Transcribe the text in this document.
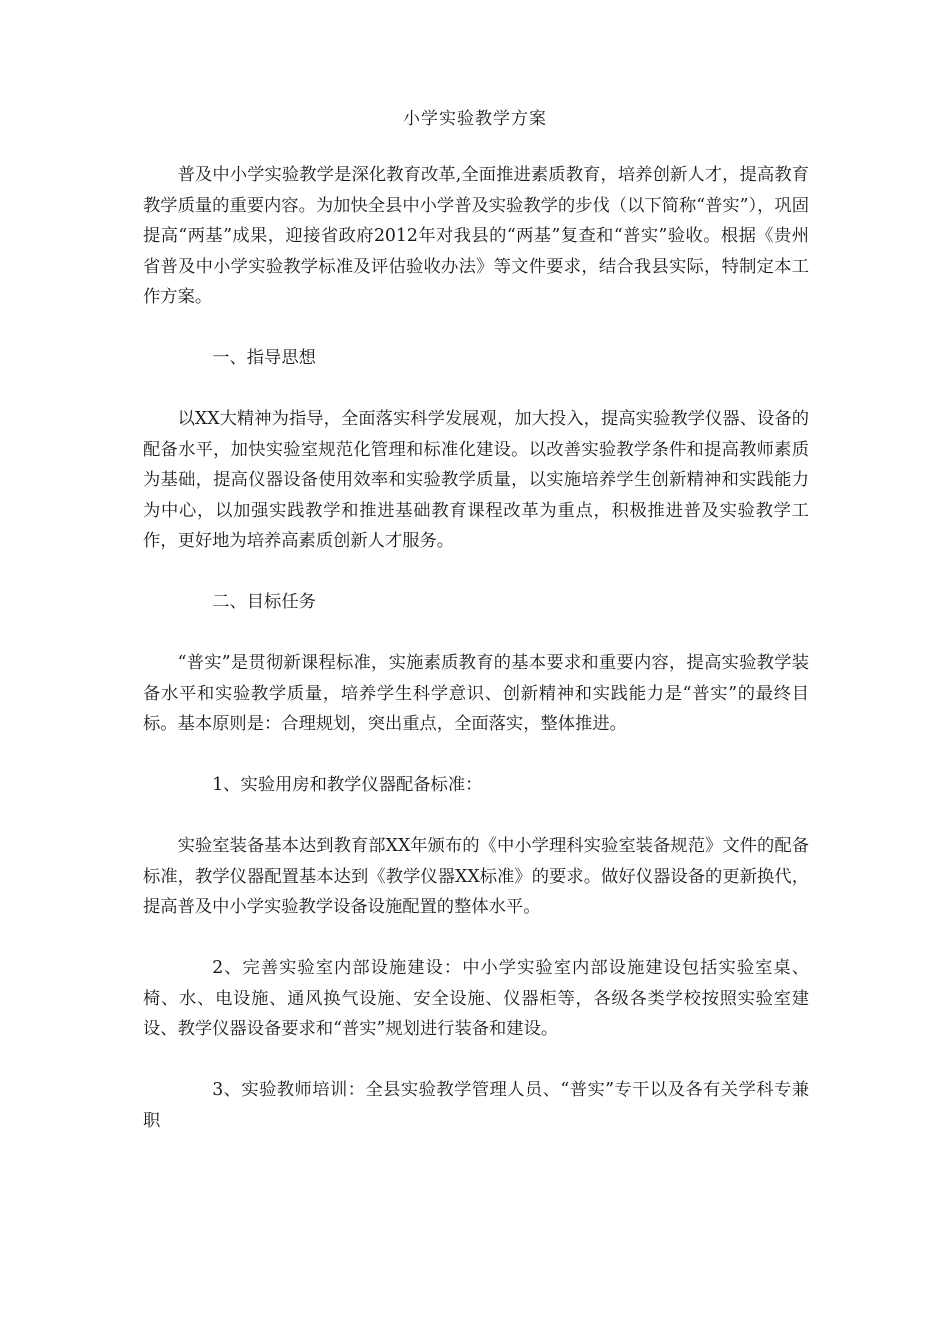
小学实验教学方案

普及中小学实验教学是深化教育改革,全面推进素质教育，培养创新人才，提高教育教学质量的重要内容。为加快全县中小学普及实验教学的步伐（以下简称“普实”），巩固提高“两基”成果，迎接省政府2012年对我县的“两基”复查和“普实”验收。根据《贵州省普及中小学实验教学标准及评估验收办法》等文件要求，结合我县实际，特制定本工作方案。

一、指导思想

以XX大精神为指导，全面落实科学发展观，加大投入，提高实验教学仪器、设备的配备水平，加快实验室规范化管理和标准化建设。以改善实验教学条件和提高教师素质为基础，提高仪器设备使用效率和实验教学质量，以实施培养学生创新精神和实践能力为中心，以加强实践教学和推进基础教育课程改革为重点，积极推进普及实验教学工作，更好地为培养高素质创新人才服务。

二、目标任务

“普实”是贯彻新课程标准，实施素质教育的基本要求和重要内容，提高实验教学装备水平和实验教学质量，培养学生科学意识、创新精神和实践能力是“普实”的最终目标。基本原则是：合理规划，突出重点，全面落实，整体推进。

1、实验用房和教学仪器配备标准：

实验室装备基本达到教育部XX年颁布的《中小学理科实验室装备规范》文件的配备标准，教学仪器配置基本达到《教学仪器XX标准》的要求。做好仪器设备的更新换代，提高普及中小学实验教学设备设施配置的整体水平。

2、完善实验室内部设施建设：中小学实验室内部设施建设包括实验室桌、椅、水、电设施、通风换气设施、安全设施、仪器柜等，各级各类学校按照实验室建设、教学仪器设备要求和“普实”规划进行装备和建设。

3、实验教师培训：全县实验教学管理人员、“普实”专干以及各有关学科专兼职
